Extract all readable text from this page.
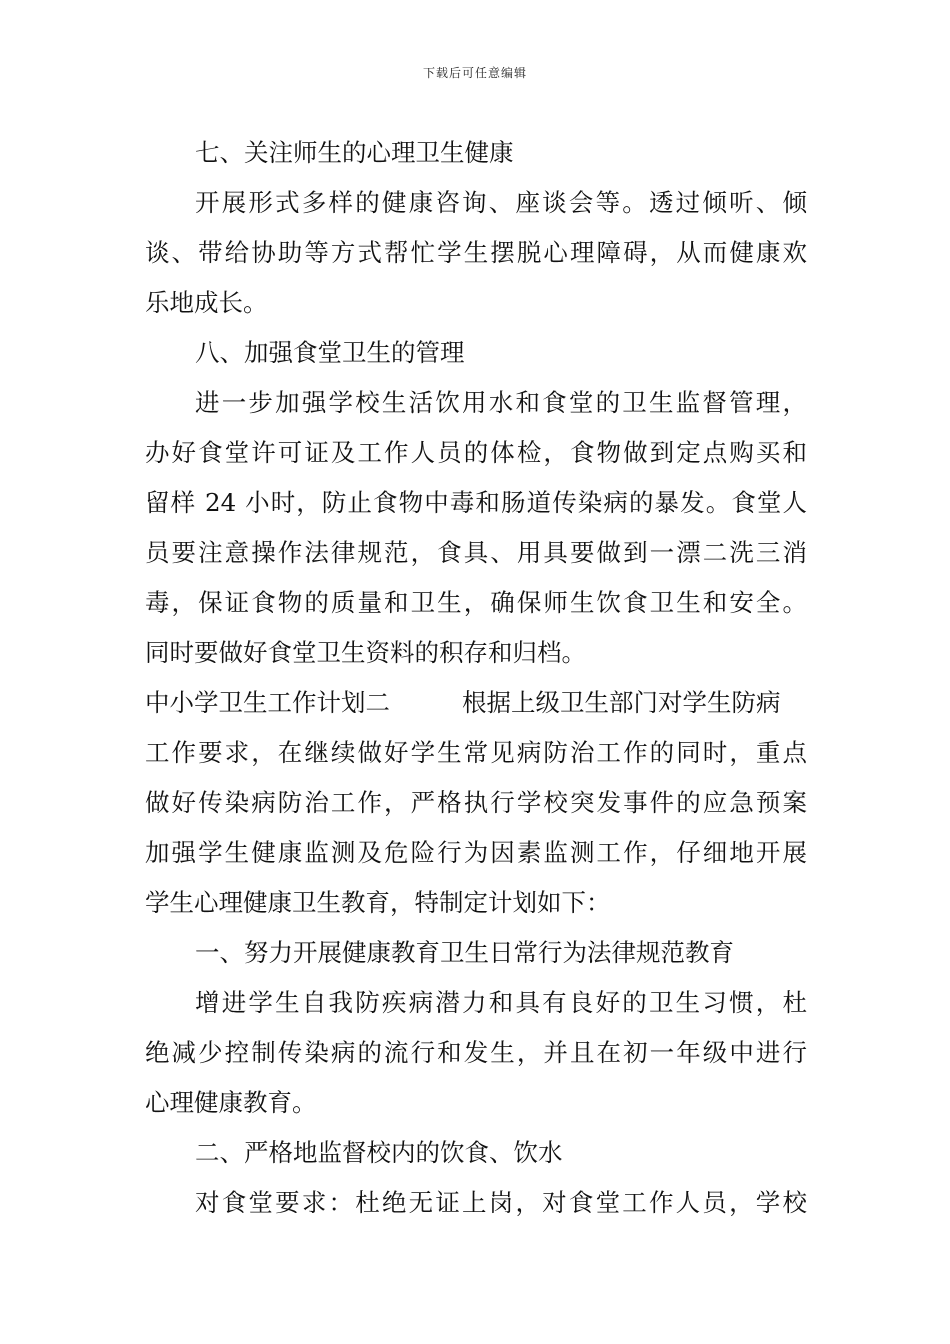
下载后可任意编辑
七、关注师生的心理卫生健康
开展形式多样的健康咨询、座谈会等。透过倾听、倾
谈、带给协助等方式帮忙学生摆脱心理障碍，从而健康欢
乐地成长。
八、加强食堂卫生的管理
进一步加强学校生活饮用水和食堂的卫生监督管理，
办好食堂许可证及工作人员的体检，食物做到定点购买和
留样 24 小时，防止食物中毒和肠道传染病的暴发。食堂人
员要注意操作法律规范，食具、用具要做到一漂二洗三消
毒，保证食物的质量和卫生，确保师生饮食卫生和安全。
同时要做好食堂卫生资料的积存和归档。
中小学卫生工作计划二	根据上级卫生部门对学生防病
工作要求，在继续做好学生常见病防治工作的同时，重点
做好传染病防治工作，严格执行学校突发事件的应急预案
加强学生健康监测及危险行为因素监测工作，仔细地开展
学生心理健康卫生教育，特制定计划如下：
一、努力开展健康教育卫生日常行为法律规范教育
增进学生自我防疾病潜力和具有良好的卫生习惯，杜
绝减少控制传染病的流行和发生，并且在初一年级中进行
心理健康教育。
二、严格地监督校内的饮食、饮水
对食堂要求：杜绝无证上岗，对食堂工作人员，学校
